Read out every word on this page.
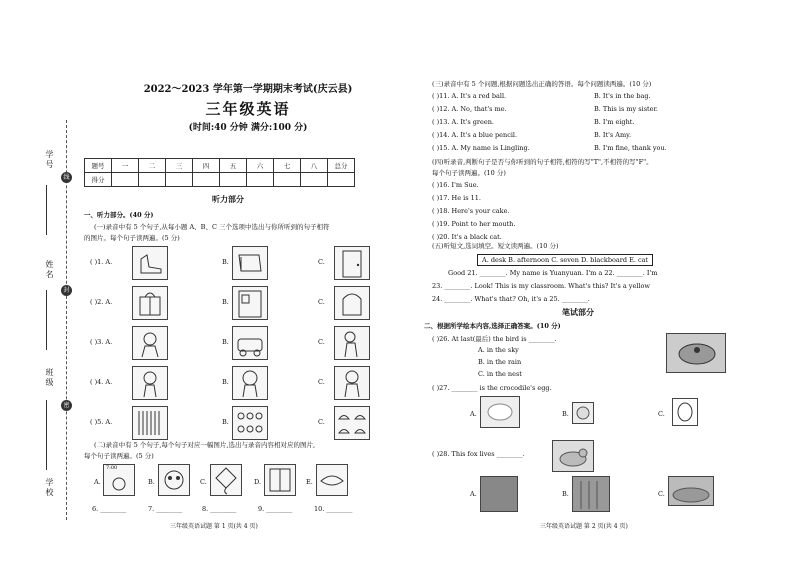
线
封
密
学号
姓名
班级
学校
2022～2023 学年第一学期期末考试(庆云县)
三年级英语
(时间:40 分钟 满分:100 分)
题号	一	二	三	四	五	六	七	八	总分
得分									
听力部分
一、听力部分。(40 分)
(一)录音中有 5 个句子,从每小题 A、B、C 三个选项中选出与你所听到的句子相符
的图片。每个句子读两遍。(5 分)
( )1. A.	B.	C.
( )2. A.	B.	C.
( )3. A.	B.	C.
( )4. A.	B.	C.
( )5. A.	B.	C.
(二)录音中有 5 个句子,每个句子对应一幅图片,选出与录音内容相对应的图片,
每个句子读两遍。(5 分)
A.
7:00
B.	C.	D.	E.
6. ________	7. ________	8. ________	9. ________	10. ________
三年级英语试题 第 1 页(共 4 页)
(三)录音中有 5 个问题,根据问题选出正确的答语。每个问题读两遍。(10 分)
( )11. A. It's a red ball.	B. It's in the bag.
( )12. A. No, that's me.	B. This is my sister.
( )13. A. It's green.	B. I'm eight.
( )14. A. It's a blue pencil.	B. It's Amy.
( )15. A. My name is Lingling.	B. I'm fine, thank you.
(四)听录音,判断句子是否与你听到的句子相符,相符的写"T",不相符的写"F"。
每个句子读两遍。(10 分)
( )16. I'm Sue.
( )17. He is 11.
( )18. Here's your cake.
( )19. Point to her mouth.
( )20. It's a black cat.
(五)听短文,选词填空。短文读两遍。(10 分)
A. desk B. afternoon C. seven D. blackboard E. cat
Good 21. ________. My name is Yuanyuan. I'm a 22. ________. I'm
23. ________. Look! This is my classroom. What's this? It's a yellow
24. ________. What's that? Oh, it's a 25. ________.
笔试部分
二、根据所学绘本内容,选择正确答案。(10 分)
( )26. At last(最后) the bird is ________.
A. in the sky
B. in the rain
C. in the nest
( )27. ________ is the crocodile's egg.
A.	B.	C.
( )28. This fox lives ________.
A.	B.	C.
三年级英语试题 第 2 页(共 4 页)
